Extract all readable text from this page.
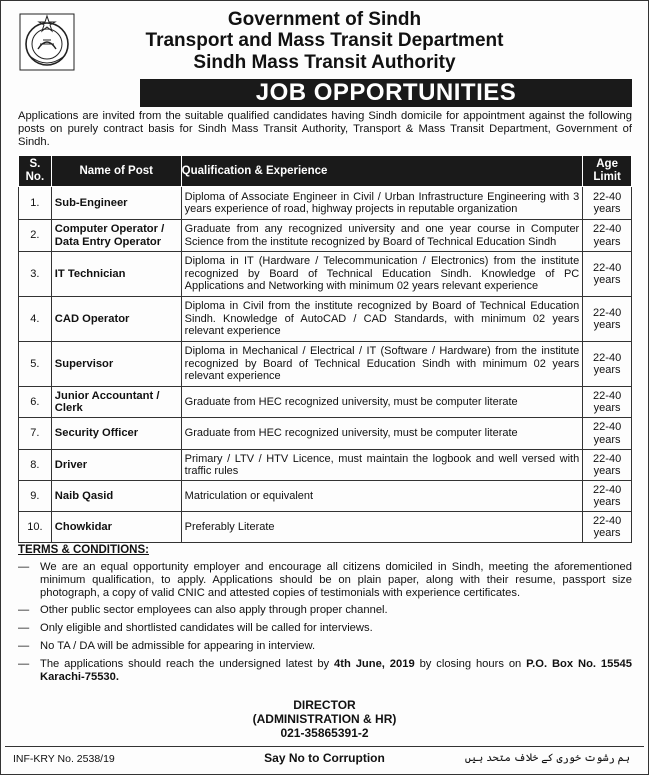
Government of Sindh
Transport and Mass Transit Department
Sindh Mass Transit Authority
JOB OPPORTUNITIES
Applications are invited from the suitable qualified candidates having Sindh domicile for appointment against the following posts on purely contract basis for Sindh Mass Transit Authority, Transport & Mass Transit Department, Government of Sindh.
S. No.	Name of Post	Qualification & Experience	Age Limit
1.	Sub-Engineer	Diploma of Associate Engineer in Civil / Urban Infrastructure Engineering with 3 years experience of road, highway projects in reputable organization	22-40 years
2.	Computer Operator / Data Entry Operator	Graduate from any recognized university and one year course in Computer Science from the institute recognized by Board of Technical Education Sindh	22-40 years
3.	IT Technician	Diploma in IT (Hardware / Telecommunication / Electronics) from the institute recognized by Board of Technical Education Sindh. Knowledge of PC Applications and Networking with minimum 02 years relevant experience	22-40 years
4.	CAD Operator	Diploma in Civil from the institute recognized by Board of Technical Education Sindh. Knowledge of AutoCAD / CAD Standards, with minimum 02 years relevant experience	22-40 years
5.	Supervisor	Diploma in Mechanical / Electrical / IT (Software / Hardware) from the institute recognized by Board of Technical Education Sindh with minimum 02 years relevant experience	22-40 years
6.	Junior Accountant / Clerk	Graduate from HEC recognized university, must be computer literate	22-40 years
7.	Security Officer	Graduate from HEC recognized university, must be computer literate	22-40 years
8.	Driver	Primary / LTV / HTV Licence, must maintain the logbook and well versed with traffic rules	22-40 years
9.	Naib Qasid	Matriculation or equivalent	22-40 years
10.	Chowkidar	Preferably Literate	22-40 years
TERMS & CONDITIONS:
— We are an equal opportunity employer and encourage all citizens domiciled in Sindh, meeting the aforementioned minimum qualification, to apply. Applications should be on plain paper, along with their resume, passport size photograph, a copy of valid CNIC and attested copies of testimonials with experience certificates.
— Other public sector employees can also apply through proper channel.
— Only eligible and shortlisted candidates will be called for interviews.
— No TA / DA will be admissible for appearing in interview.
— The applications should reach the undersigned latest by 4th June, 2019 by closing hours on P.O. Box No. 15545 Karachi-75530.
DIRECTOR
(ADMINISTRATION & HR)
021-35865391-2
INF-KRY No. 2538/19	Say No to Corruption	ہم رشوت خوری کے خلاف متحد ہیں
